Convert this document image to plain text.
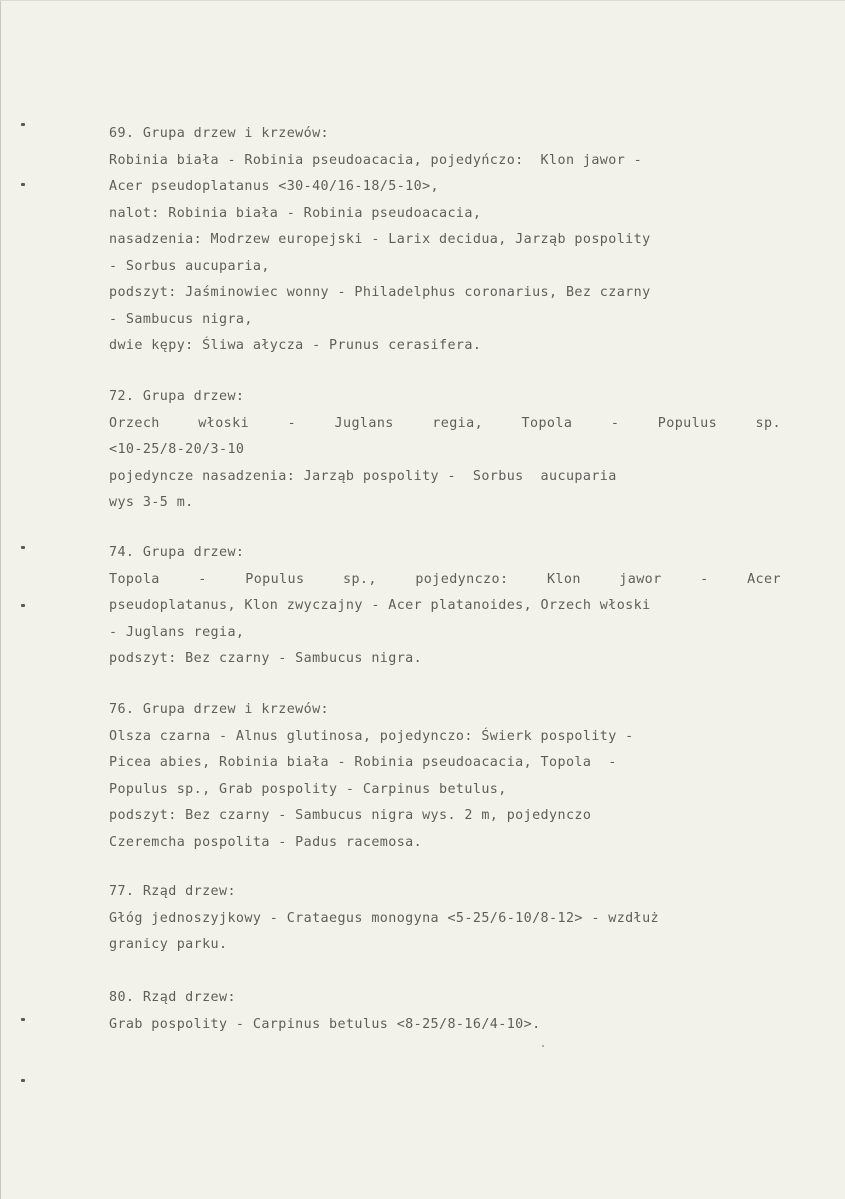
69. Grupa drzew i krzewów:
Robinia biała - Robinia pseudoacacia, pojedyńczo:  Klon jawor -
Acer pseudoplatanus <30-40/16-18/5-10>,
nalot: Robinia biała - Robinia pseudoacacia,
nasadzenia: Modrzew europejski - Larix decidua, Jarząb pospolity
- Sorbus aucuparia,
podszyt: Jaśminowiec wonny - Philadelphus coronarius, Bez czarny
- Sambucus nigra,
dwie kępy: Śliwa ałycza - Prunus cerasifera.
72. Grupa drzew:
Orzech	włoski	-	Juglans	regia,	Topola	-	Populus	sp.
<10-25/8-20/3-10
pojedyncze nasadzenia: Jarząb pospolity -  Sorbus  aucuparia
wys 3-5 m.
74. Grupa drzew:
Topola	-	Populus	sp.,	pojedynczo:	Klon	jawor	-	Acer
pseudoplatanus, Klon zwyczajny - Acer platanoides, Orzech włoski
- Juglans regia,
podszyt: Bez czarny - Sambucus nigra.
76. Grupa drzew i krzewów:
Olsza czarna - Alnus glutinosa, pojedynczo: Świerk pospolity -
Picea abies, Robinia biała - Robinia pseudoacacia, Topola  -
Populus sp., Grab pospolity - Carpinus betulus,
podszyt: Bez czarny - Sambucus nigra wys. 2 m, pojedynczo
Czeremcha pospolita - Padus racemosa.
77. Rząd drzew:
Głóg jednoszyjkowy - Crataegus monogyna <5-25/6-10/8-12> - wzdłuż
granicy parku.
80. Rząd drzew:
Grab pospolity - Carpinus betulus <8-25/8-16/4-10>.
